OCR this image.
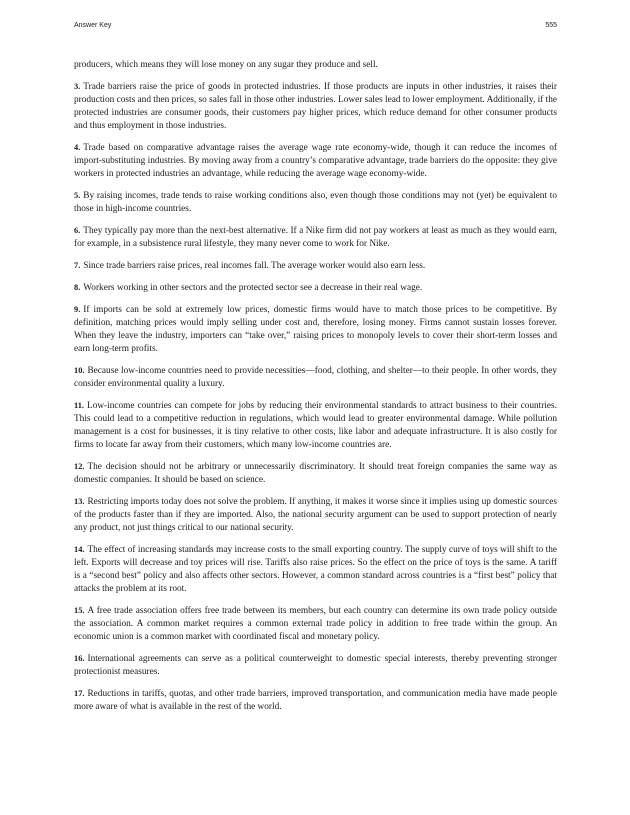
Answer Key	555

producers, which means they will lose money on any sugar they produce and sell.

3. Trade barriers raise the price of goods in protected industries. If those products are inputs in other industries, it raises their production costs and then prices, so sales fall in those other industries. Lower sales lead to lower employment. Additionally, if the protected industries are consumer goods, their customers pay higher prices, which reduce demand for other consumer products and thus employment in those industries.

4. Trade based on comparative advantage raises the average wage rate economy-wide, though it can reduce the incomes of import-substituting industries. By moving away from a country’s comparative advantage, trade barriers do the opposite: they give workers in protected industries an advantage, while reducing the average wage economy-wide.

5. By raising incomes, trade tends to raise working conditions also, even though those conditions may not (yet) be equivalent to those in high-income countries.

6. They typically pay more than the next-best alternative. If a Nike firm did not pay workers at least as much as they would earn, for example, in a subsistence rural lifestyle, they many never come to work for Nike.

7. Since trade barriers raise prices, real incomes fall. The average worker would also earn less.

8. Workers working in other sectors and the protected sector see a decrease in their real wage.

9. If imports can be sold at extremely low prices, domestic firms would have to match those prices to be competitive. By definition, matching prices would imply selling under cost and, therefore, losing money. Firms cannot sustain losses forever. When they leave the industry, importers can “take over,” raising prices to monopoly levels to cover their short-term losses and earn long-term profits.

10. Because low-income countries need to provide necessities—food, clothing, and shelter—to their people. In other words, they consider environmental quality a luxury.

11. Low-income countries can compete for jobs by reducing their environmental standards to attract business to their countries. This could lead to a competitive reduction in regulations, which would lead to greater environmental damage. While pollution management is a cost for businesses, it is tiny relative to other costs, like labor and adequate infrastructure. It is also costly for firms to locate far away from their customers, which many low-income countries are.

12. The decision should not be arbitrary or unnecessarily discriminatory. It should treat foreign companies the same way as domestic companies. It should be based on science.

13. Restricting imports today does not solve the problem. If anything, it makes it worse since it implies using up domestic sources of the products faster than if they are imported. Also, the national security argument can be used to support protection of nearly any product, not just things critical to our national security.

14. The effect of increasing standards may increase costs to the small exporting country. The supply curve of toys will shift to the left. Exports will decrease and toy prices will rise. Tariffs also raise prices. So the effect on the price of toys is the same. A tariff is a “second best” policy and also affects other sectors. However, a common standard across countries is a “first best” policy that attacks the problem at its root.

15. A free trade association offers free trade between its members, but each country can determine its own trade policy outside the association. A common market requires a common external trade policy in addition to free trade within the group. An economic union is a common market with coordinated fiscal and monetary policy.

16. International agreements can serve as a political counterweight to domestic special interests, thereby preventing stronger protectionist measures.

17. Reductions in tariffs, quotas, and other trade barriers, improved transportation, and communication media have made people more aware of what is available in the rest of the world.
